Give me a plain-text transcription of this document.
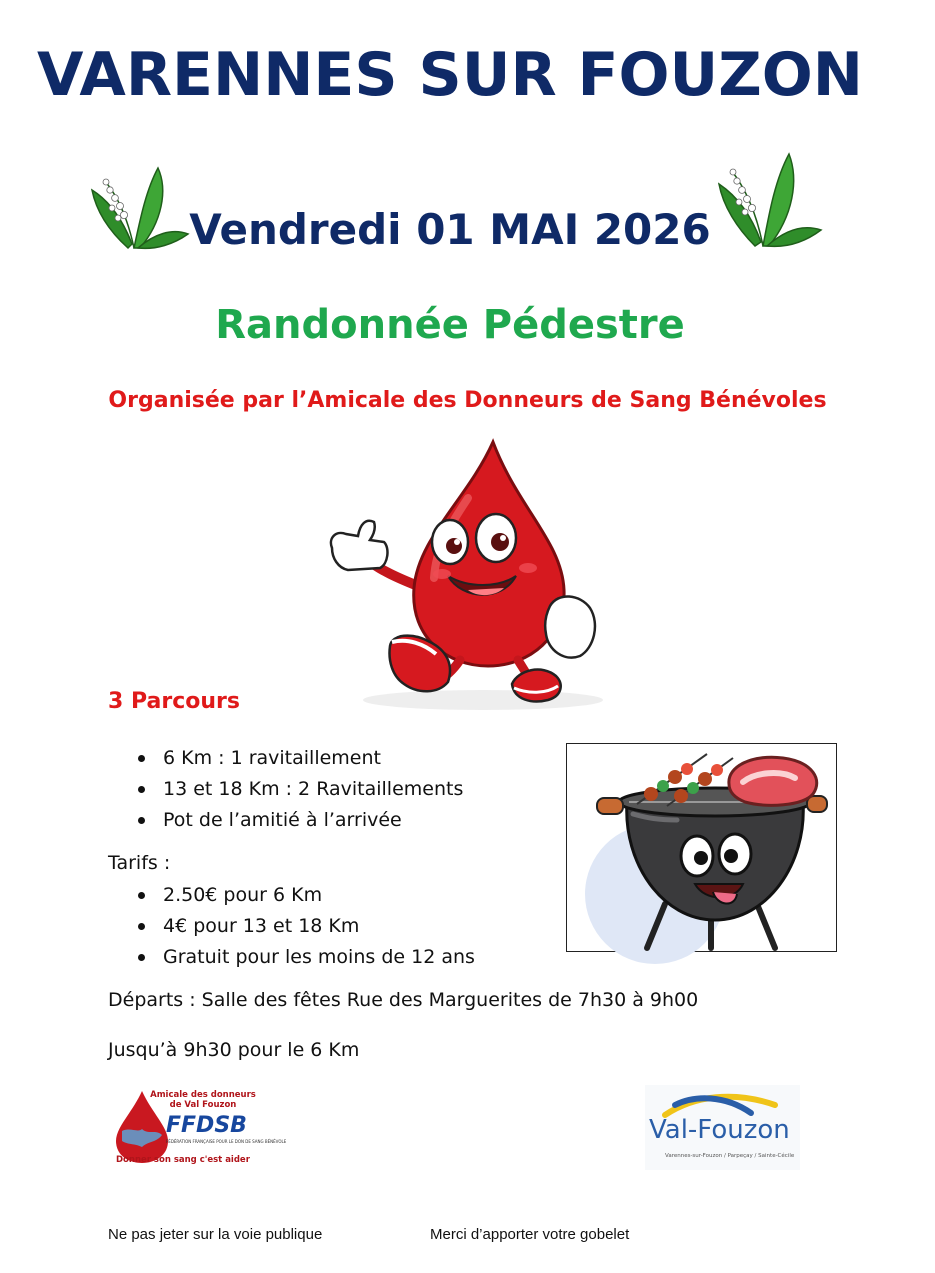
VARENNES SUR FOUZON
Vendredi 01 MAI 2026
Randonnée Pédestre
Organisée par l’Amicale des Donneurs de Sang Bénévoles
3 Parcours
6 Km : 1 ravitaillement
13 et 18 Km : 2 Ravitaillements
Pot de l’amitié à l’arrivée
Tarifs :
2.50€ pour 6 Km
4€ pour 13 et 18 Km
Gratuit pour les moins de 12 ans
Départs : Salle des fêtes Rue des Marguerites de 7h30 à 9h00
Jusqu’à 9h30 pour le 6 Km
Amicale des donneurs
de Val Fouzon
FFDSB
FÉDÉRATION FRANÇAISE POUR LE DON DE SANG BÉNÉVOLE
Donner son sang c'est aider
Val-Fouzon
Varennes-sur-Fouzon / Parpeçay / Sainte-Cécile
Ne pas jeter sur la voie publique	Merci d’apporter votre gobelet
